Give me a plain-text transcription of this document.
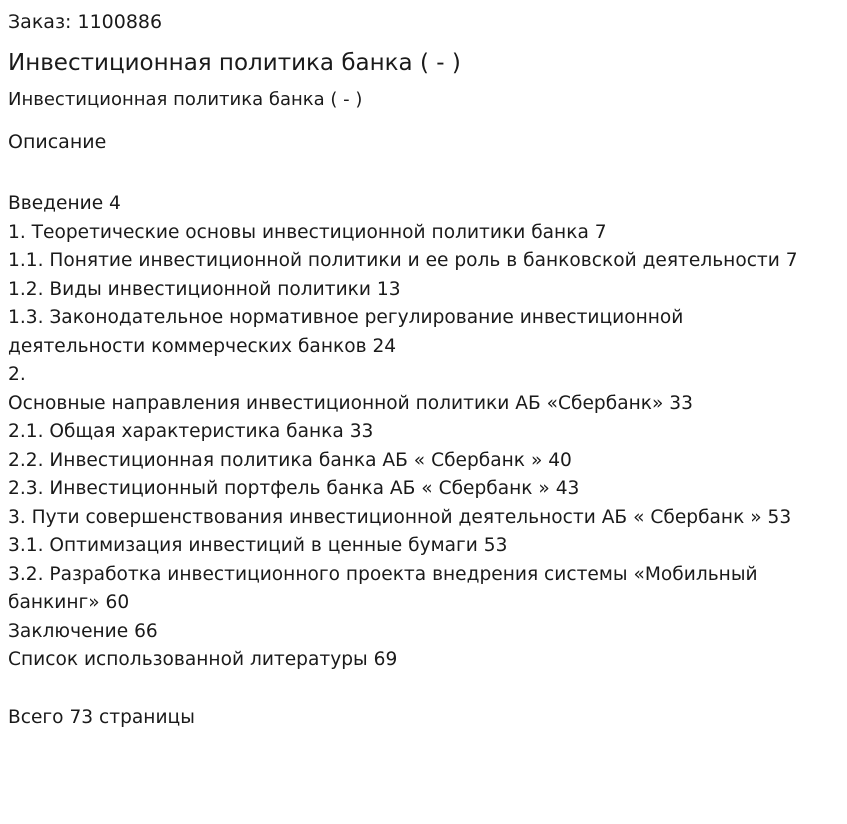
Заказ: 1100886
Инвестиционная политика банка ( - )
Инвестиционная политика банка ( - )
Описание
Введение 4
1. Теоретические основы инвестиционной политики банка 7
1.1. Понятие инвестиционной политики и ее роль в банковской деятельности 7
1.2. Виды инвестиционной политики 13
1.3. Законодательное нормативное регулирование инвестиционной
деятельности коммерческих банков 24
2.
Основные направления инвестиционной политики АБ «Сбербанк» 33
2.1. Общая характеристика банка 33
2.2. Инвестиционная политика банка АБ « Сбербанк » 40
2.3. Инвестиционный портфель банка АБ « Сбербанк » 43
3. Пути совершенствования инвестиционной деятельности АБ « Сбербанк » 53
3.1. Оптимизация инвестиций в ценные бумаги 53
3.2. Разработка инвестиционного проекта внедрения системы «Мобильный
банкинг» 60
Заключение 66
Список использованной литературы 69
Всего 73 страницы
